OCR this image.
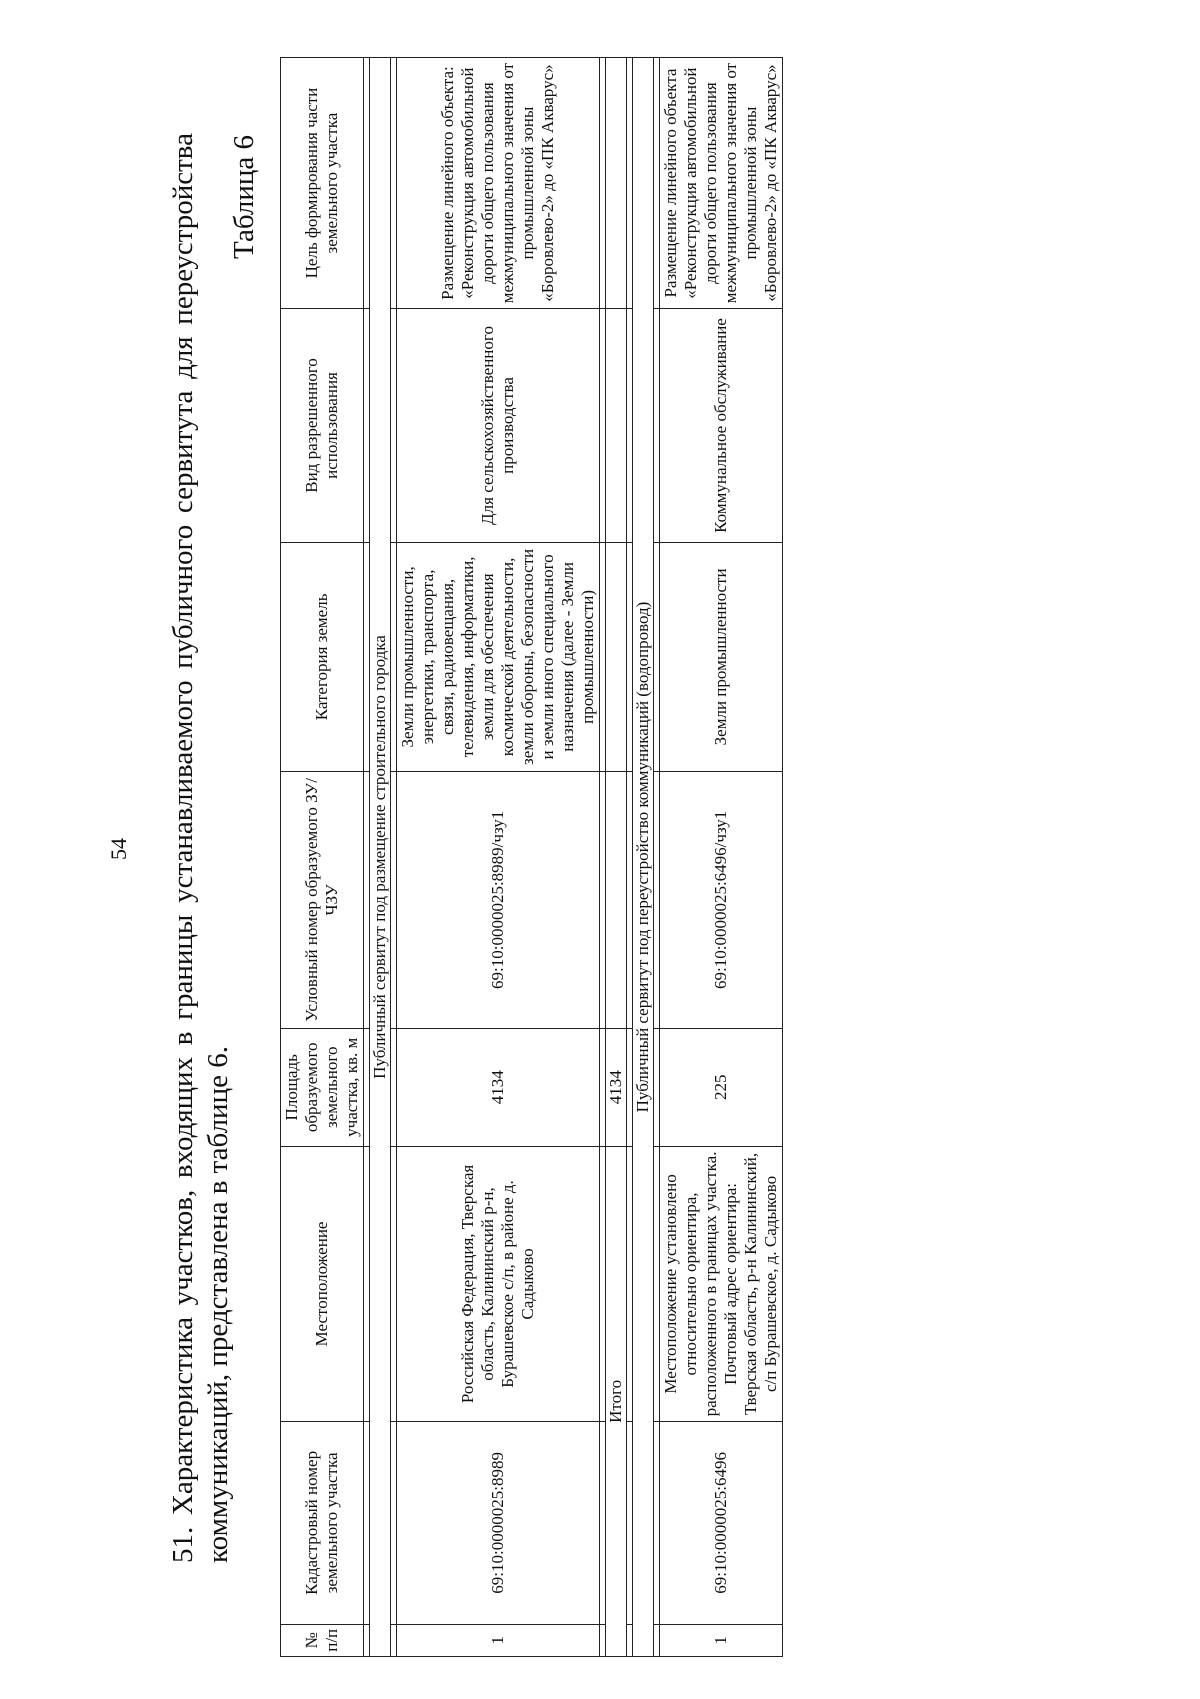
54 51. Характеристика участков, входящих в границы устанавливаемого публичного сервитута для переустройства коммуникаций, представлена в таблице 6.
Таблица 6
№ п/п	Кадастровый номер земельного участка	Местоположение	Площадь образуемого земельного участка, кв. м	Условный номер образуемого ЗУ/ЧЗУ	Категория земель	Вид разрешенного использования	Цель формирования части земельного участка

Публичный сервитут под размещение строительного городка							

1	69:10:0000025:8989	Российская Федерация, Тверская область, Калининский р-н, Бурашевское с/п, в районе д. Садыково	4134	69:10:0000025:8989/чзу1	Земли промышленности, энергетики, транспорта, связи, радиовещания, телевидения, информатики, земли для обеспечения космической деятельности, земли обороны, безопасности и земли иного специального назначения (далее - Земли промышленности)	Для сельскохозяйственного производства	Размещение линейного объекта: «Реконструкция автомобильной дороги общего пользования межмуниципального значения от промышленной зоны «Боровлево-2» до «ПК Акварус»

Итого			4134				

Публичный сервитут под переустройство коммуникаций (водопровод)							

1	69:10:0000025:6496	Местоположение установлено относительно ориентира, расположенного в границах участка. Почтовый адрес ориентира: Тверская область, р-н Калининский, с/п Бурашевское, д. Садыково	225	69:10:0000025:6496/чзу1	Земли промышленности	Коммунальное обслуживание	Размещение линейного объекта «Реконструкция автомобильной дороги общего пользования межмуниципального значения от промышленной зоны «Боровлево-2» до «ПК Акварус»
